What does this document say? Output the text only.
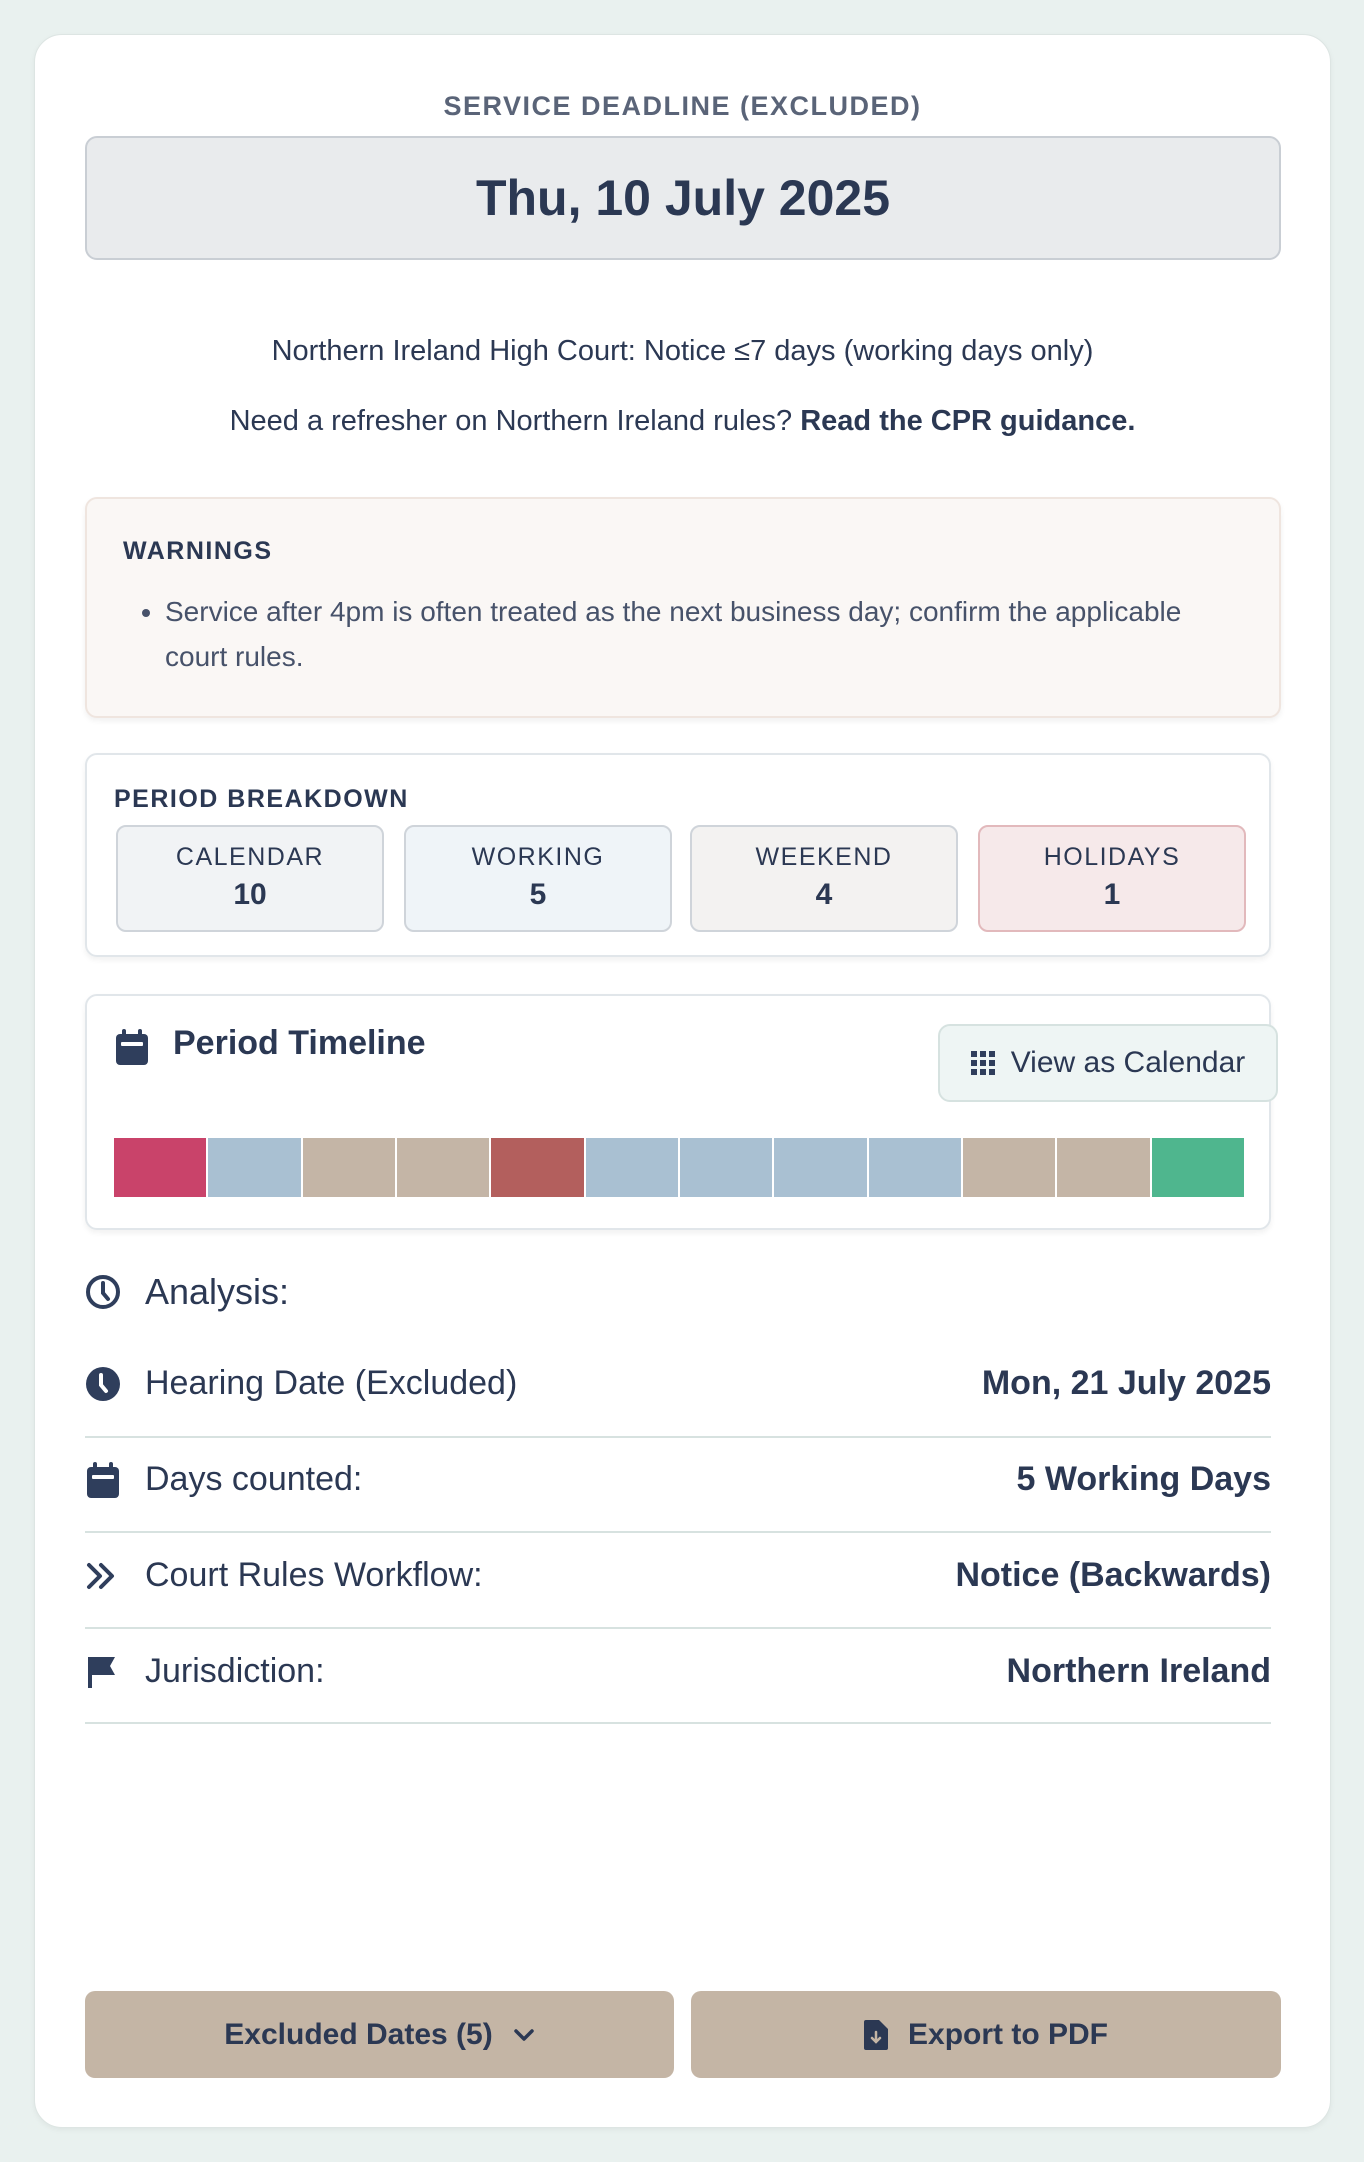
SERVICE DEADLINE (EXCLUDED)
Thu, 10 July 2025
Northern Ireland High Court: Notice ≤7 days (working days only)
Need a refresher on Northern Ireland rules? Read the CPR guidance.
WARNINGS
• Service after 4pm is often treated as the next business day; confirm the applicable court rules.
PERIOD BREAKDOWN
CALENDAR
10
WORKING
5
WEEKEND
4
HOLIDAYS
1
Period Timeline
View as Calendar
Analysis:
Hearing Date (Excluded)	Mon, 21 July 2025
Days counted:	5 Working Days
Court Rules Workflow:	Notice (Backwards)
Jurisdiction:	Northern Ireland
Excluded Dates (5)	Export to PDF
